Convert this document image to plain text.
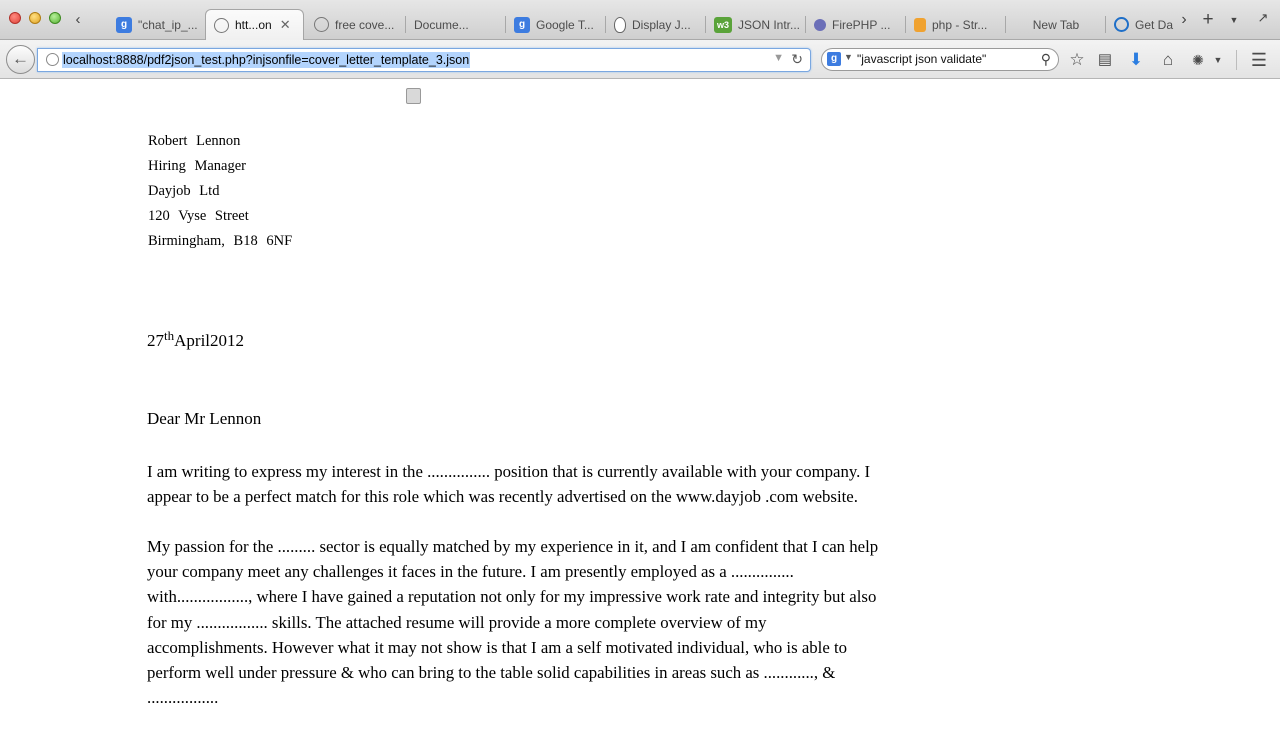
‹	g "chat_ip_...	htt...on ✕	free cove... Docume...	g Google T...	Display J...	w3 JSON Intr...	FirePHP ...	php - Str...	New Tab	Get Da › +	▼ ↗
←	localhost:8888/pdf2json_test.php?injsonfile=cover_letter_template_3.json	▼ ↻	g ▼ "javascript json validate"	⚲ ☆ ▤ ⬇	⌂	✺	▼ ☰
Robert Lennon
Hiring Manager
Dayjob Ltd
120 Vyse Street
Birmingham, B18 6NF
27thApril2012
Dear Mr Lennon

I am writing to express my interest in the ............... position that is currently available with your company. I

appear to be a perfect match for this role which was recently advertised on the www.dayjob .com website.

My passion for the ......... sector is equally matched by my experience in it, and I am confident that I can help

your company meet any challenges it faces in the future. I am presently employed as a ...............

with................., where I have gained a reputation not only for my impressive work rate and integrity but also

for my ................. skills. The attached resume will provide a more complete overview of my

accomplishments. However what it may not show is that I am a self motivated individual, who is able to

perform well under pressure & who can bring to the table solid capabilities in areas such as ............, &

.................
